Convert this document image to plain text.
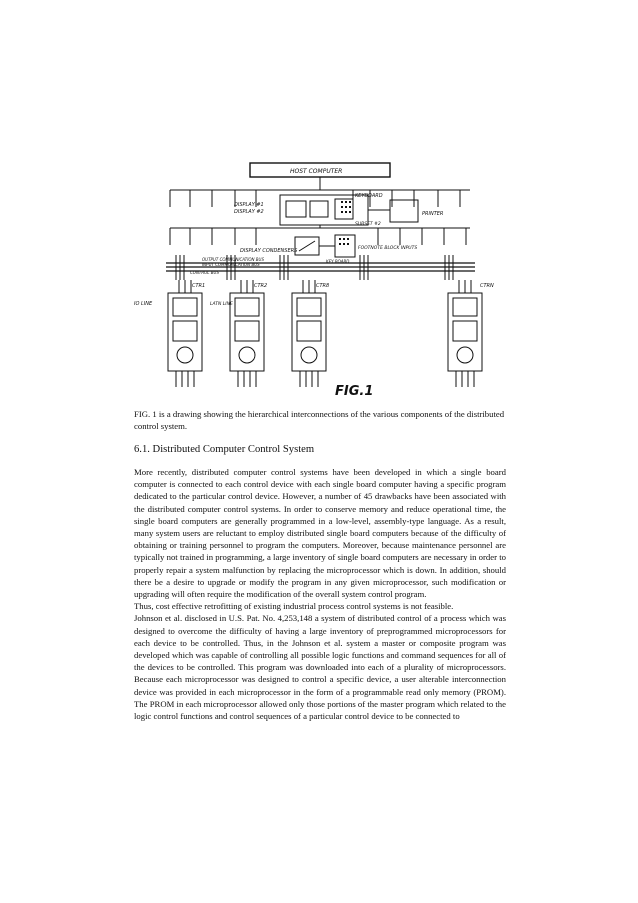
HOST COMPUTER
DISPLAY #1
DISPLAY #2
KEYBOARD
PRINTER
SUBSET #2
DISPLAY CONDENSERS
KEY BOARD
FOOTNOTE BLOCK INPUTS
OUTPUT COMMUNICATION BUS
INPUT COMMUNICATION BUS
CONTROL BUS
CTR1	CTR2	CTR8	CTRN
IO LINE	LATN LINE
FIG.1
FIG. 1 is a drawing showing the hierarchical interconnections of the various components of the distributed control system.
6.1. Distributed Computer Control System

More recently, distributed computer control systems have been developed in which a single board computer is connected to each control device with each single board computer having a specific program dedicated to the particular control device. However, a number of 45 drawbacks have been associated with the distributed computer control systems. In order to conserve memory and reduce operational time, the single board computers are generally programmed in a low-level, assembly-type language. As a result, many system users are reluctant to employ distributed single board computers because of the difficulty of obtaining or training personnel to program the computers. Moreover, because maintenance personnel are typically not trained in programming, a large inventory of single board computers are necessary in order to properly repair a system malfunction by replacing the microprocessor which is down. In addition, should there be a desire to upgrade or modify the program in any given microprocessor, such modification or upgrading will often require the modification of the overall system control program.

Thus, cost effective retrofitting of existing industrial process control systems is not feasible.

Johnson et al. disclosed in U.S. Pat. No. 4,253,148 a system of distributed control of a process which was designed to overcome the difficulty of having a large inventory of preprogrammed microprocessors for each device to be controlled. Thus, in the Johnson et al. system a master or composite program was developed which was capable of controlling all possible logic functions and command sequences for all of the devices to be controlled. This program was downloaded into each of a plurality of microprocessors. Because each microprocessor was designed to control a specific device, a user alterable interconnection device was provided in each microprocessor in the form of a programmable read only memory (PROM). The PROM in each microprocessor allowed only those portions of the master program which related to the logic control functions and control sequences of a particular control device to be connected to
